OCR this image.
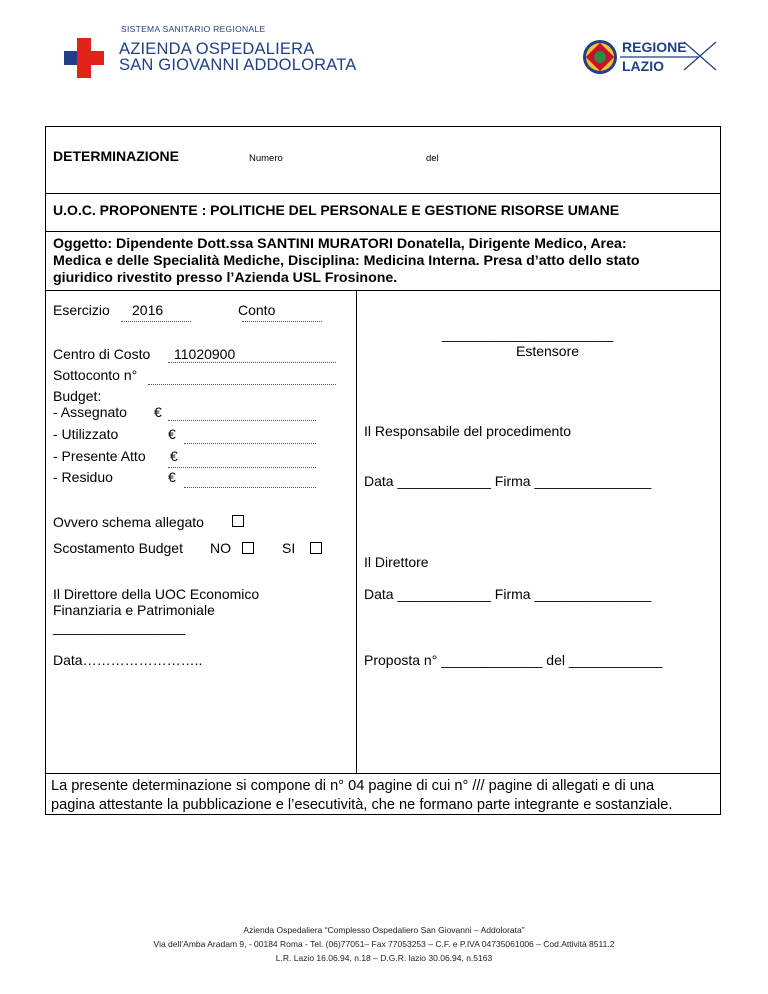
SISTEMA SANITARIO REGIONALE
AZIENDA OSPEDALIERA
SAN GIOVANNI ADDOLORATA
REGIONE
LAZIO
DETERMINAZIONE	Numero	del
U.O.C. PROPONENTE : POLITICHE DEL PERSONALE E GESTIONE RISORSE UMANE
Oggetto: Dipendente Dott.ssa SANTINI MURATORI Donatella, Dirigente Medico, Area:
Medica e delle Specialità Mediche, Disciplina: Medicina Interna. Presa d’atto dello stato
giuridico rivestito presso l’Azienda USL Frosinone.
Esercizio 2016	Conto
Centro di Costo 11020900
Sottoconto n°
Budget:
- Assegnato €
- Utilizzato	€
- Presente Atto €
- Residuo	€
Ovvero schema allegato
Scostamento Budget NO	SI
Il Direttore della UOC Economico
Finanziaria e Patrimoniale
_________________
Data……………………..
______________________
Estensore
Il Responsabile del procedimento
Data ____________ Firma _______________
Il Direttore
Data ____________ Firma _______________
Proposta n° _____________ del ____________
La presente determinazione si compone di n° 04 pagine di cui n° /// pagine di allegati e di una
pagina attestante la pubblicazione e l’esecutività, che ne formano parte integrante e sostanziale.
Azienda Ospedaliera “Complesso Ospedaliero San Giovanni – Addolorata”
Via dell’Amba Aradam 9, - 00184 Roma - Tel. (06)77051– Fax 77053253 – C.F. e P.IVA 04735061006 – Cod.Attività 8511.2
L.R. Lazio 16.06.94, n.18 – D.G.R. lazio 30.06.94, n.5163
